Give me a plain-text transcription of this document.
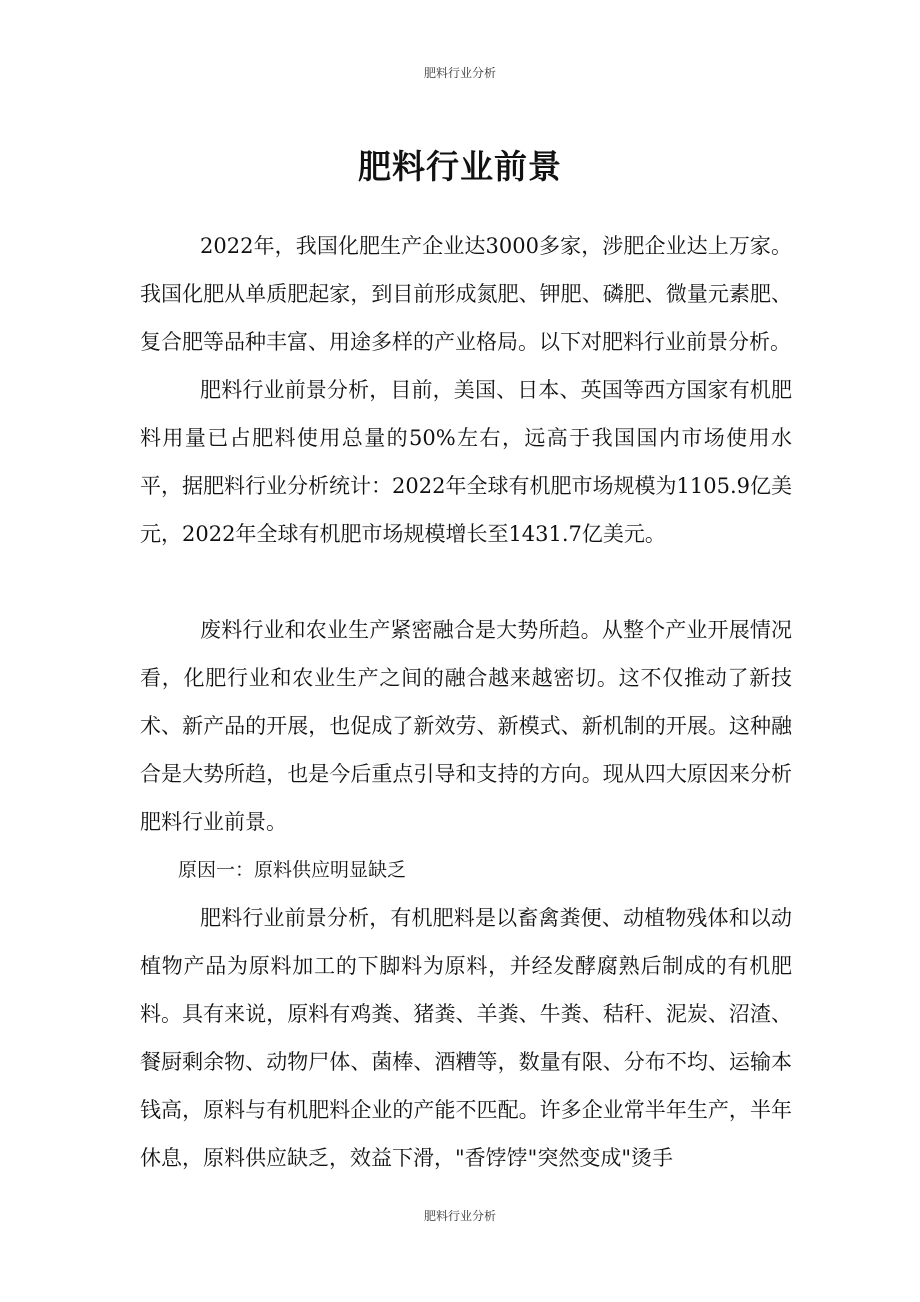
肥料行业分析
肥料行业前景

2022年，我国化肥生产企业达3000多家，涉肥企业达上万家。我国化肥从单质肥起家，到目前形成氮肥、钾肥、磷肥、微量元素肥、复合肥等品种丰富、用途多样的产业格局。以下对肥料行业前景分析。

肥料行业前景分析，目前，美国、日本、英国等西方国家有机肥料用量已占肥料使用总量的50%左右，远高于我国国内市场使用水平，据肥料行业分析统计：2022年全球有机肥市场规模为1105.9亿美元，2022年全球有机肥市场规模增长至1431.7亿美元。

废料行业和农业生产紧密融合是大势所趋。从整个产业开展情况看，化肥行业和农业生产之间的融合越来越密切。这不仅推动了新技术、新产品的开展，也促成了新效劳、新模式、新机制的开展。这种融合是大势所趋，也是今后重点引导和支持的方向。现从四大原因来分析肥料行业前景。

原因一：原料供应明显缺乏

肥料行业前景分析，有机肥料是以畜禽粪便、动植物残体和以动植物产品为原料加工的下脚料为原料，并经发酵腐熟后制成的有机肥料。具有来说，原料有鸡粪、猪粪、羊粪、牛粪、秸秆、泥炭、沼渣、餐厨剩余物、动物尸体、菌棒、酒糟等，数量有限、分布不均、运输本钱高，原料与有机肥料企业的产能不匹配。许多企业常半年生产，半年休息，原料供应缺乏，效益下滑，"香饽饽"突然变成"烫手

肥料行业分析
